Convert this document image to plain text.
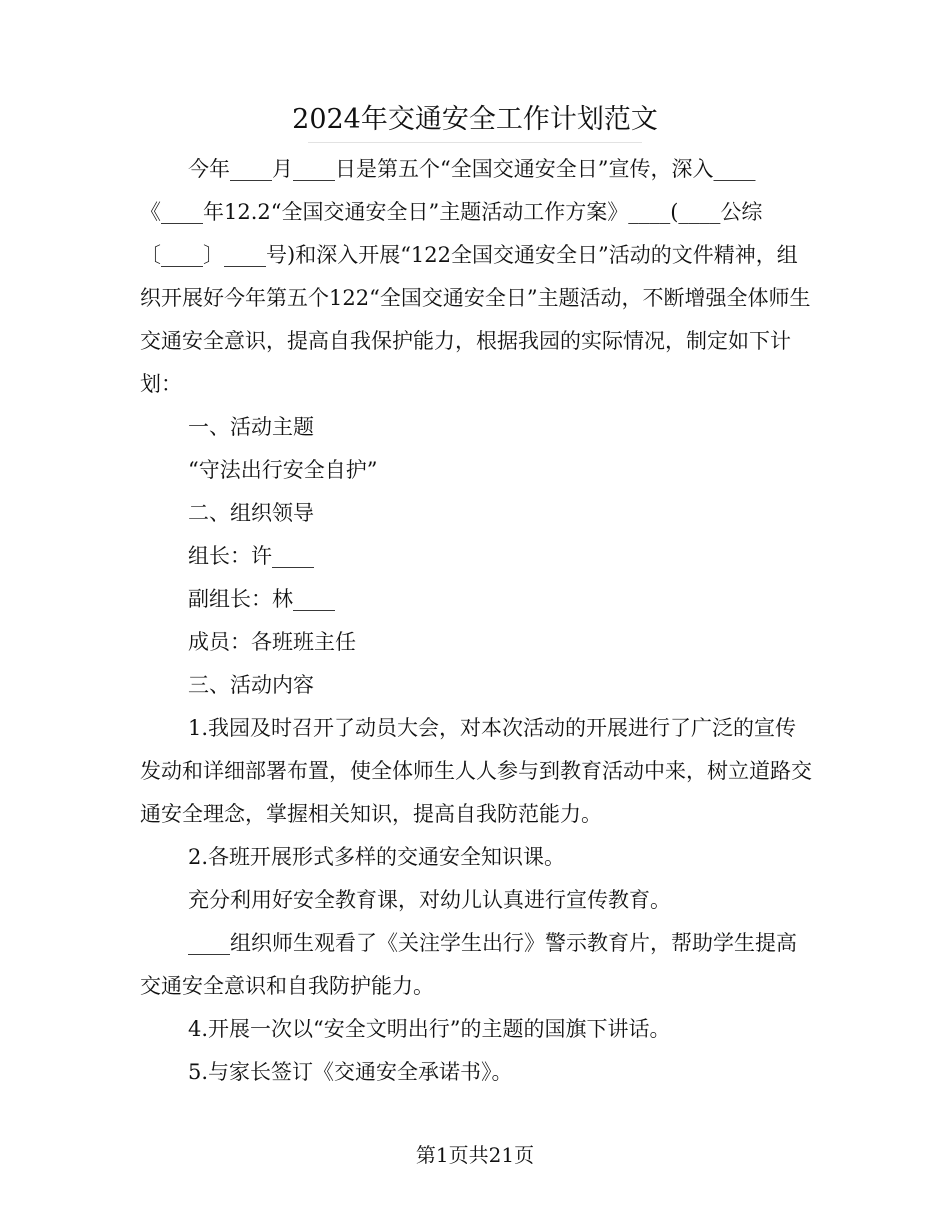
2024年交通安全工作计划范文

今年____月____日是第五个“全国交通安全日”宣传，深入____《____年12.2“全国交通安全日”主题活动工作方案》____(____公综〔____〕____号)和深入开展“122全国交通安全日”活动的文件精神，组织开展好今年第五个122“全国交通安全日”主题活动，不断增强全体师生交通安全意识，提高自我保护能力，根据我园的实际情况，制定如下计划：

一、活动主题

“守法出行安全自护”

二、组织领导

组长：许____

副组长：林____

成员：各班班主任

三、活动内容

1.我园及时召开了动员大会，对本次活动的开展进行了广泛的宣传发动和详细部署布置，使全体师生人人参与到教育活动中来，树立道路交通安全理念，掌握相关知识，提高自我防范能力。

2.各班开展形式多样的交通安全知识课。

充分利用好安全教育课，对幼儿认真进行宣传教育。

____组织师生观看了《关注学生出行》警示教育片，帮助学生提高交通安全意识和自我防护能力。

4.开展一次以“安全文明出行”的主题的国旗下讲话。

5.与家长签订《交通安全承诺书》。

第1页共21页
